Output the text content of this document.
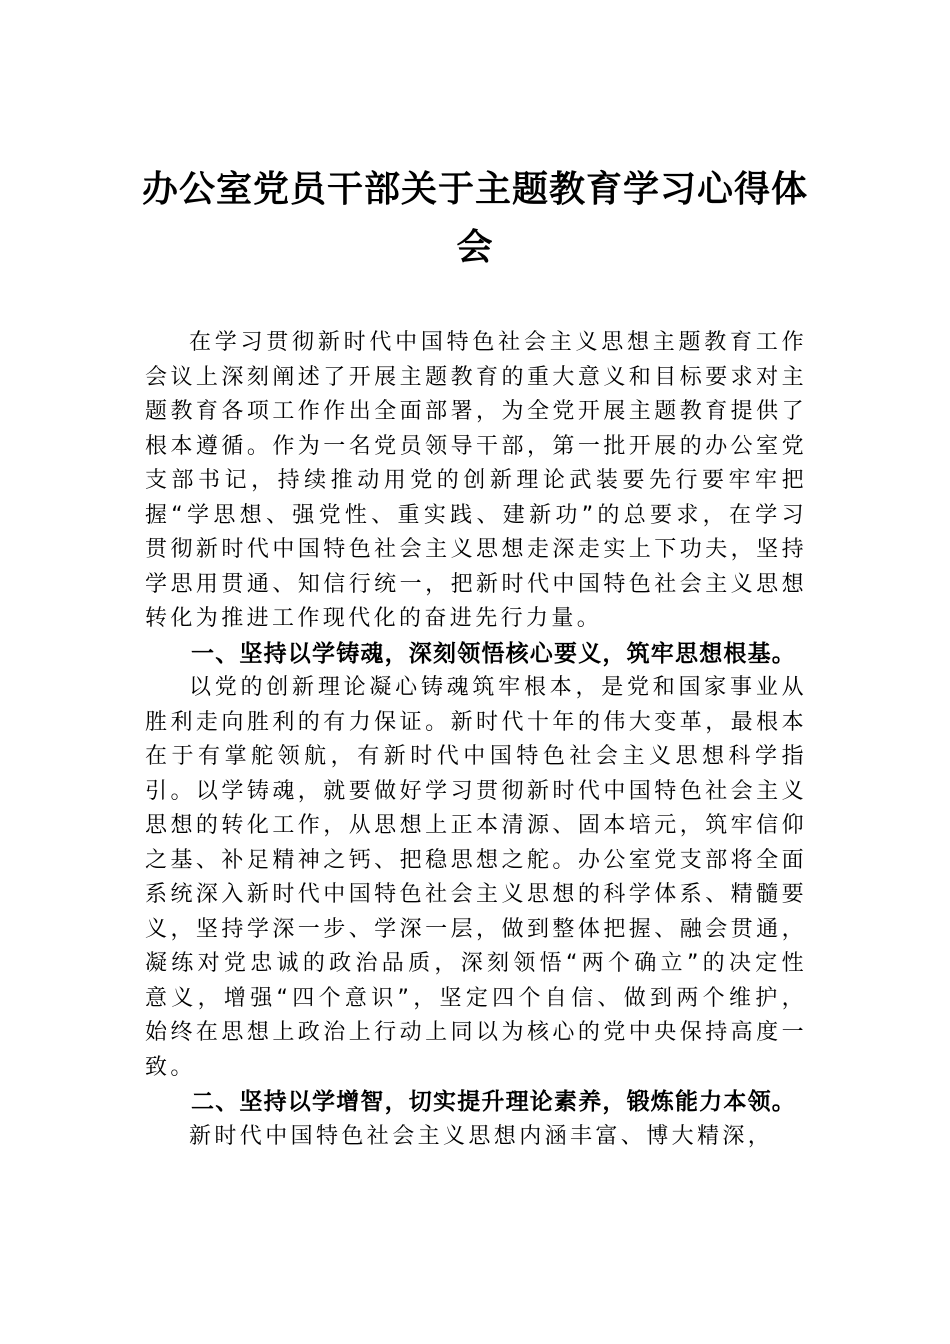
办公室党员干部关于主题教育学习心得体会

在学习贯彻新时代中国特色社会主义思想主题教育工作会议上深刻阐述了开展主题教育的重大意义和目标要求对主题教育各项工作作出全面部署，为全党开展主题教育提供了根本遵循。作为一名党员领导干部，第一批开展的办公室党支部书记，持续推动用党的创新理论武装要先行要牢牢把握“学思想、强党性、重实践、建新功”的总要求，在学习贯彻新时代中国特色社会主义思想走深走实上下功夫，坚持学思用贯通、知信行统一，把新时代中国特色社会主义思想转化为推进工作现代化的奋进先行力量。

一、坚持以学铸魂，深刻领悟核心要义，筑牢思想根基。

以党的创新理论凝心铸魂筑牢根本，是党和国家事业从胜利走向胜利的有力保证。新时代十年的伟大变革，最根本在于有掌舵领航，有新时代中国特色社会主义思想科学指引。以学铸魂，就要做好学习贯彻新时代中国特色社会主义思想的转化工作，从思想上正本清源、固本培元，筑牢信仰之基、补足精神之钙、把稳思想之舵。办公室党支部将全面系统深入新时代中国特色社会主义思想的科学体系、精髓要义，坚持学深一步、学深一层，做到整体把握、融会贯通，凝练对党忠诚的政治品质，深刻领悟“两个确立”的决定性意义，增强“四个意识”，坚定四个自信、做到两个维护，始终在思想上政治上行动上同以为核心的党中央保持高度一致。

二、坚持以学增智，切实提升理论素养，锻炼能力本领。

新时代中国特色社会主义思想内涵丰富、博大精深，
